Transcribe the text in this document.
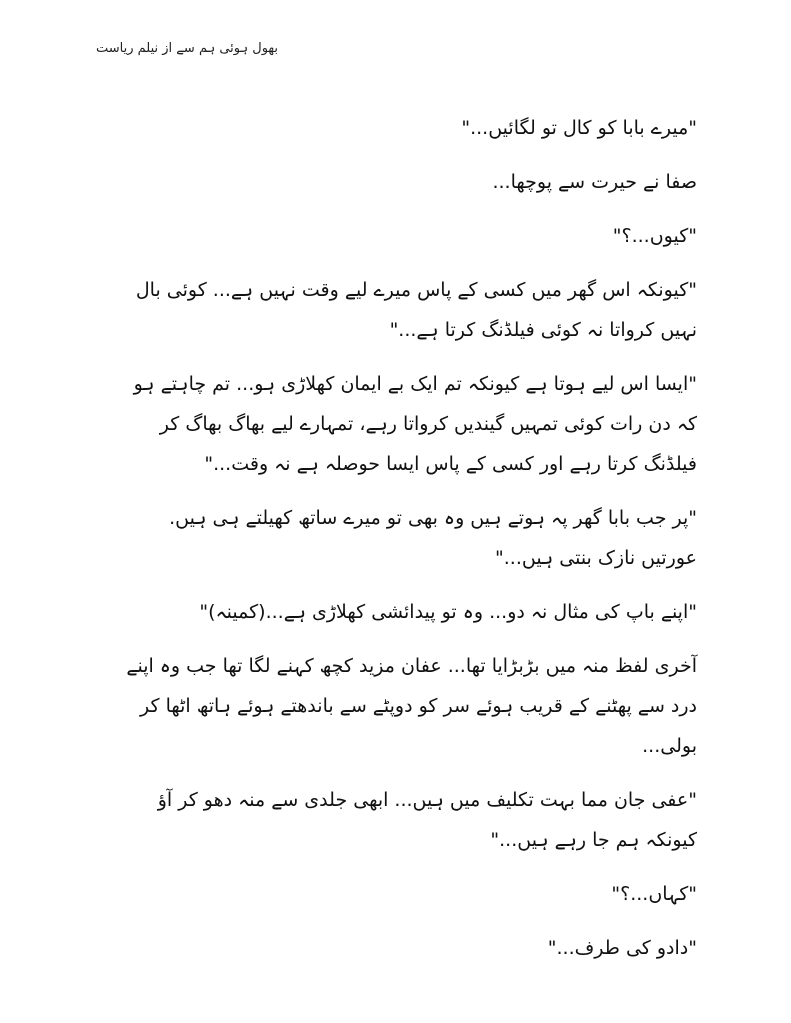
بھول ہوئی ہم سے از نیلم ریاست

"میرے بابا کو کال تو لگائیں..."

صفا نے حیرت سے پوچھا...

"کیوں...؟"

"کیونکہ اس گھر میں کسی کے پاس میرے لیے وقت نہیں ہے... کوئی بال نہیں کرواتا نہ کوئی فیلڈنگ کرتا ہے..."

"ایسا اس لیے ہوتا ہے کیونکہ تم ایک بے ایمان کھلاڑی ہو... تم چاہتے ہو کہ دن رات کوئی تمہیں گیندیں کرواتا رہے، تمہارے لیے بھاگ بھاگ کر فیلڈنگ کرتا رہے اور کسی کے پاس ایسا حوصلہ ہے نہ وقت..."

"پر جب بابا گھر پہ ہوتے ہیں وہ بھی تو میرے ساتھ کھیلتے ہی ہیں. عورتیں نازک بنتی ہیں..."

"اپنے باپ کی مثال نہ دو... وہ تو پیدائشی کھلاڑی ہے...(کمینہ)"

آخری لفظ منہ میں بڑبڑایا تھا... عفان مزید کچھ کہنے لگا تھا جب وہ اپنے درد سے پھٹنے کے قریب ہوئے سر کو دوپٹے سے باندھتے ہوئے ہاتھ اٹھا کر بولی...

"عفی جان مما بہت تکلیف میں ہیں... ابھی جلدی سے منہ دھو کر آؤ کیونکہ ہم جا رہے ہیں..."

"کہاں...؟"

"دادو کی طرف..."
